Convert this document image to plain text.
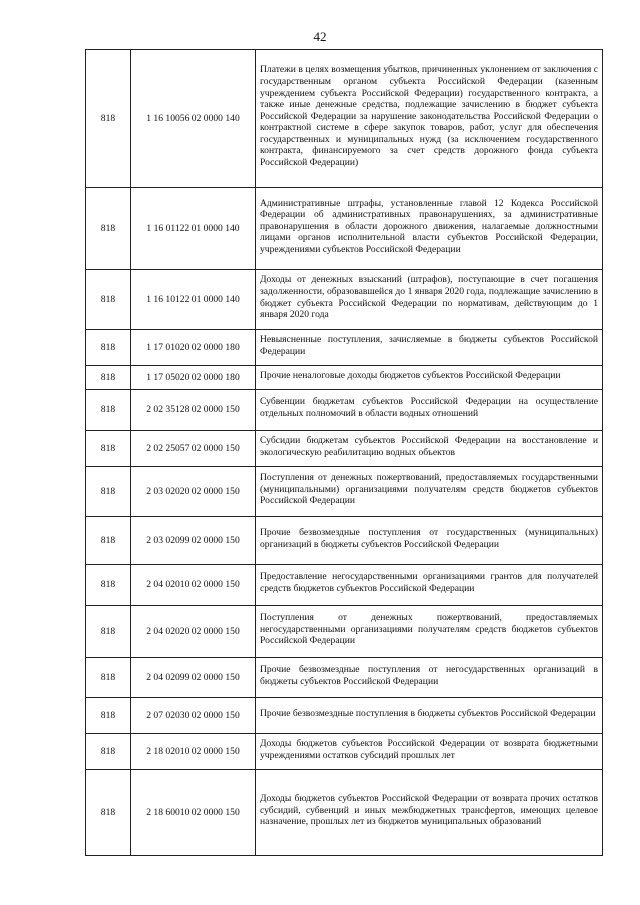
42
818	1 16 10056 02 0000 140	Платежи в целях возмещения убытков, причиненных уклонением от заключения с государственным органом субъекта Российской Федерации (казенным учреждением субъекта Российской Федерации) государственного контракта, а также иные денежные средства, подлежащие зачислению в бюджет субъекта Российской Федерации за нарушение законодательства Российской Федерации о контрактной системе в сфере закупок товаров, работ, услуг для обеспечения государственных и муниципальных нужд (за исключением государственного контракта, финансируемого за счет средств дорожного фонда субъекта Российской Федерации)
818	1 16 01122 01 0000 140	Административные штрафы, установленные главой 12 Кодекса Российской Федерации об административных правонарушениях, за административные правонарушения в области дорожного движения, налагаемые должностными лицами органов исполнительной власти субъектов Российской Федерации, учреждениями субъектов Российской Федерации
818	1 16 10122 01 0000 140	Доходы от денежных взысканий (штрафов), поступающие в счет погашения задолженности, образовавшейся до 1 января 2020 года, подлежащие зачислению в бюджет субъекта Российской Федерации по нормативам, действующим до 1 января 2020 года
818	1 17 01020 02 0000 180	Невыясненные поступления, зачисляемые в бюджеты субъектов Российской Федерации
818	1 17 05020 02 0000 180	Прочие неналоговые доходы бюджетов субъектов Российской Федерации
818	2 02 35128 02 0000 150	Субвенции бюджетам субъектов Российской Федерации на осуществление отдельных полномочий в области водных отношений
818	2 02 25057 02 0000 150	Субсидии бюджетам субъектов Российской Федерации на восстановление и экологическую реабилитацию водных объектов
818	2 03 02020 02 0000 150	Поступления от денежных пожертвований, предоставляемых государственными (муниципальными) организациями получателям средств бюджетов субъектов Российской Федерации
818	2 03 02099 02 0000 150	Прочие безвозмездные поступления от государственных (муниципальных) организаций в бюджеты субъектов Российской Федерации
818	2 04 02010 02 0000 150	Предоставление негосударственными организациями грантов для получателей средств бюджетов субъектов Российской Федерации
818	2 04 02020 02 0000 150	Поступления от денежных пожертвований, предоставляемых негосударственными организациями получателям средств бюджетов субъектов Российской Федерации
818	2 04 02099 02 0000 150	Прочие безвозмездные поступления от негосударственных организаций в бюджеты субъектов Российской Федерации
818	2 07 02030 02 0000 150	Прочие безвозмездные поступления в бюджеты субъектов Российской Федерации
818	2 18 02010 02 0000 150	Доходы бюджетов субъектов Российской Федерации от возврата бюджетными учреждениями остатков субсидий прошлых лет
818	2 18 60010 02 0000 150	Доходы бюджетов субъектов Российской Федерации от возврата прочих остатков субсидий, субвенций и иных межбюджетных трансфертов, имеющих целевое назначение, прошлых лет из бюджетов муниципальных образований
